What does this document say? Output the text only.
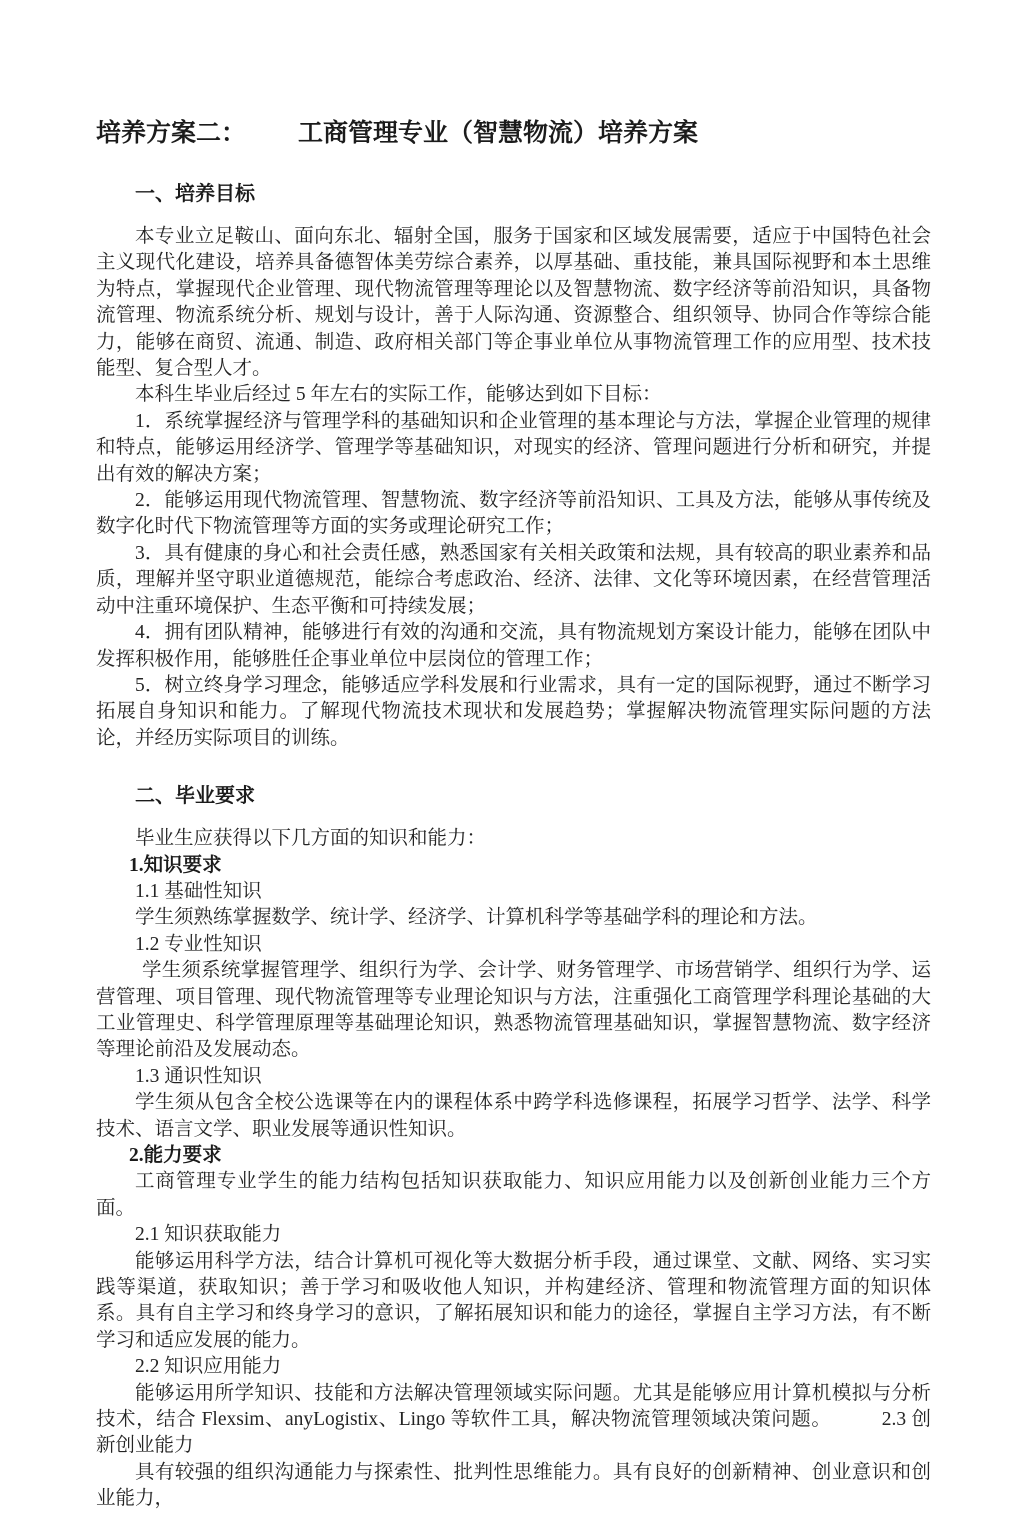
培养方案二： 工商管理专业（智慧物流）培养方案
一、培养目标

本专业立足鞍山、面向东北、辐射全国，服务于国家和区域发展需要，适应于中国特色社会主义现代化建设，培养具备德智体美劳综合素养，以厚基础、重技能，兼具国际视野和本土思维为特点，掌握现代企业管理、现代物流管理等理论以及智慧物流、数字经济等前沿知识，具备物流管理、物流系统分析、规划与设计，善于人际沟通、资源整合、组织领导、协同合作等综合能力，能够在商贸、流通、制造、政府相关部门等企事业单位从事物流管理工作的应用型、技术技能型、复合型人才。

本科生毕业后经过 5 年左右的实际工作，能够达到如下目标：

1．系统掌握经济与管理学科的基础知识和企业管理的基本理论与方法，掌握企业管理的规律和特点，能够运用经济学、管理学等基础知识，对现实的经济、管理问题进行分析和研究，并提出有效的解决方案；

2．能够运用现代物流管理、智慧物流、数字经济等前沿知识、工具及方法，能够从事传统及数字化时代下物流管理等方面的实务或理论研究工作；

3．具有健康的身心和社会责任感，熟悉国家有关相关政策和法规，具有较高的职业素养和品质，理解并坚守职业道德规范，能综合考虑政治、经济、法律、文化等环境因素，在经营管理活动中注重环境保护、生态平衡和可持续发展；

4．拥有团队精神，能够进行有效的沟通和交流，具有物流规划方案设计能力，能够在团队中发挥积极作用，能够胜任企事业单位中层岗位的管理工作；

5．树立终身学习理念，能够适应学科发展和行业需求，具有一定的国际视野，通过不断学习拓展自身知识和能力。了解现代物流技术现状和发展趋势；掌握解决物流管理实际问题的方法论，并经历实际项目的训练。

二、毕业要求

毕业生应获得以下几方面的知识和能力：

1.知识要求

1.1 基础性知识

学生须熟练掌握数学、统计学、经济学、计算机科学等基础学科的理论和方法。

1.2 专业性知识

学生须系统掌握管理学、组织行为学、会计学、财务管理学、市场营销学、组织行为学、运营管理、项目管理、现代物流管理等专业理论知识与方法，注重强化工商管理学科理论基础的大工业管理史、科学管理原理等基础理论知识，熟悉物流管理基础知识，掌握智慧物流、数字经济等理论前沿及发展动态。

1.3 通识性知识

学生须从包含全校公选课等在内的课程体系中跨学科选修课程，拓展学习哲学、法学、科学技术、语言文学、职业发展等通识性知识。

2.能力要求

工商管理专业学生的能力结构包括知识获取能力、知识应用能力以及创新创业能力三个方面。

2.1 知识获取能力

能够运用科学方法，结合计算机可视化等大数据分析手段，通过课堂、文献、网络、实习实践等渠道，获取知识；善于学习和吸收他人知识，并构建经济、管理和物流管理方面的知识体系。具有自主学习和终身学习的意识，了解拓展知识和能力的途径，掌握自主学习方法，有不断学习和适应发展的能力。

2.2 知识应用能力

能够运用所学知识、技能和方法解决管理领域实际问题。尤其是能够应用计算机模拟与分析技术，结合 Flexsim、anyLogistix、Lingo 等软件工具，解决物流管理领域决策问题。　　　2.3 创新创业能力

具有较强的组织沟通能力与探索性、批判性思维能力。具有良好的创新精神、创业意识和创业能力，
